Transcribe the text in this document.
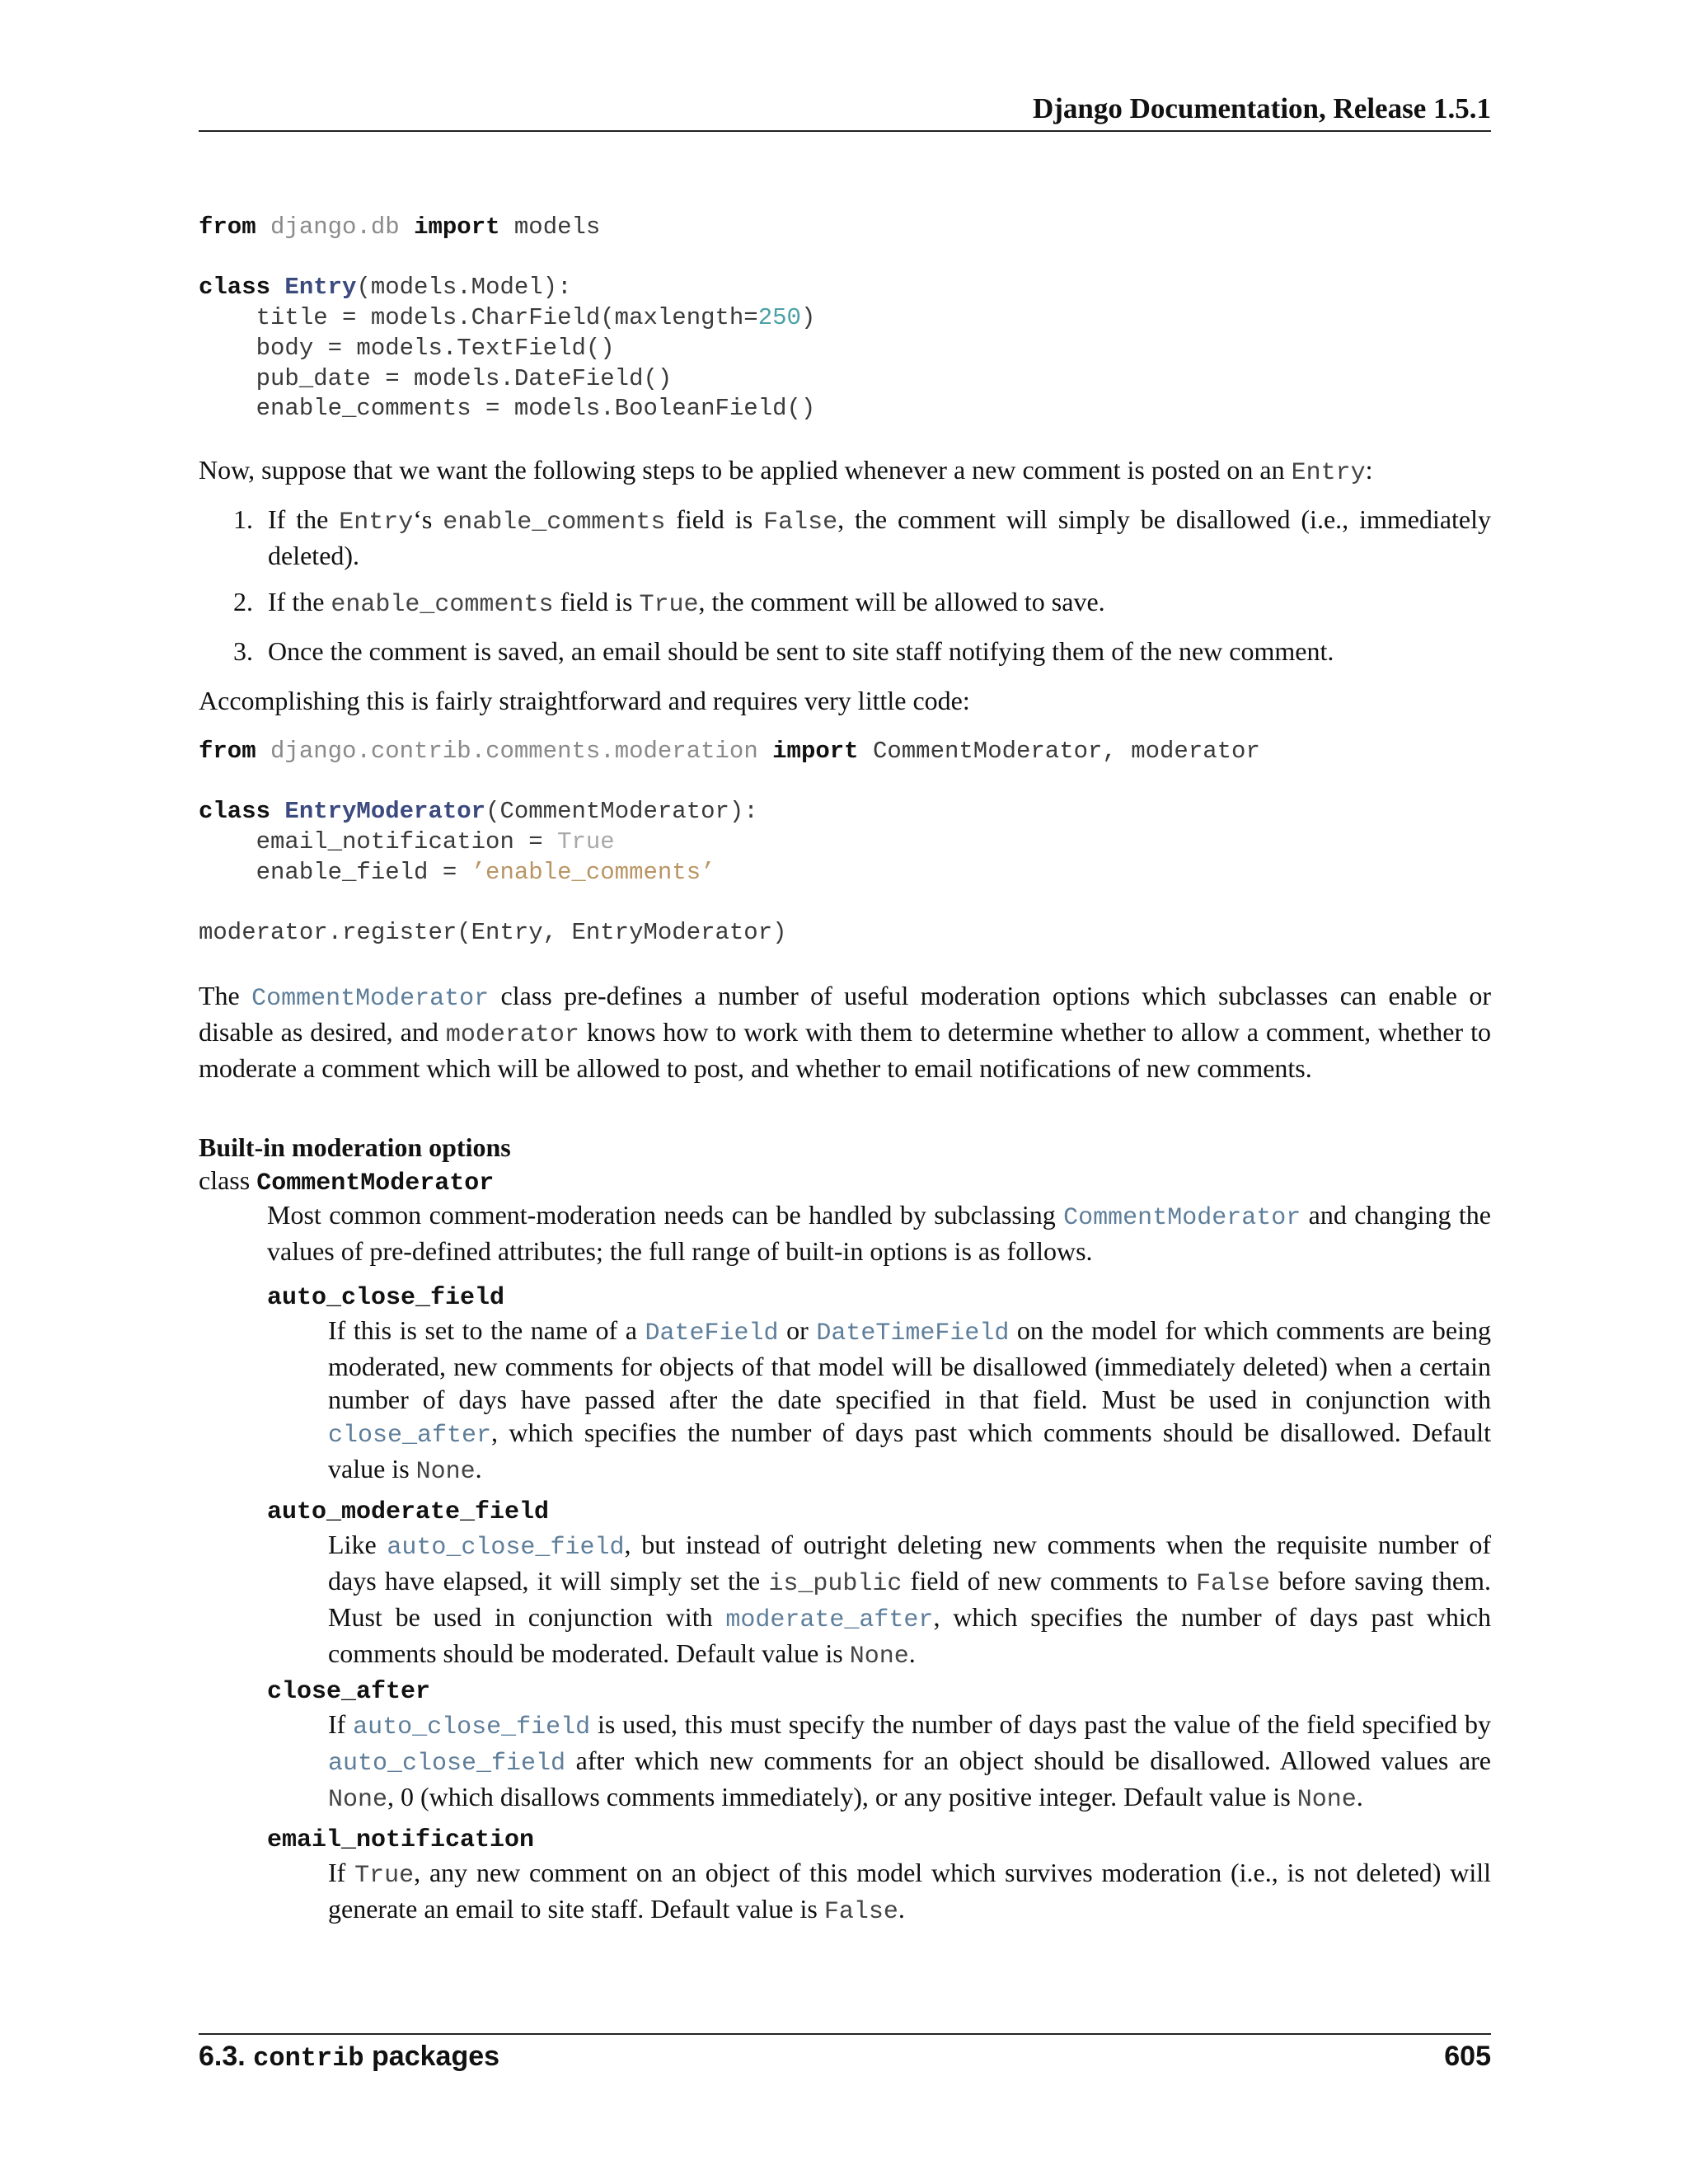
Django Documentation, Release 1.5.1
from django.db import models

class Entry(models.Model):
title = models.CharField(maxlength=250)
body = models.TextField()
pub_date = models.DateField()
enable_comments = models.BooleanField()
Now, suppose that we want the following steps to be applied whenever a new comment is posted on an Entry:
1. If the Entry‘s enable_comments field is False, the comment will simply be disallowed (i.e., immediately deleted).
2. If the enable_comments field is True, the comment will be allowed to save.
3. Once the comment is saved, an email should be sent to site staff notifying them of the new comment.
Accomplishing this is fairly straightforward and requires very little code:
from django.contrib.comments.moderation import CommentModerator, moderator

class EntryModerator(CommentModerator):
email_notification = True
enable_field = ’enable_comments’

moderator.register(Entry, EntryModerator)
The CommentModerator class pre-defines a number of useful moderation options which subclasses can enable or disable as desired, and moderator knows how to work with them to determine whether to allow a comment, whether to moderate a comment which will be allowed to post, and whether to email notifications of new comments.
Built-in moderation options
class CommentModerator
Most common comment-moderation needs can be handled by subclassing CommentModerator and changing the values of pre-defined attributes; the full range of built-in options is as follows.
auto_close_field
If this is set to the name of a DateField or DateTimeField on the model for which comments are being moderated, new comments for objects of that model will be disallowed (immediately deleted) when a certain number of days have passed after the date specified in that field. Must be used in conjunction with close_after, which specifies the number of days past which comments should be disallowed. Default value is None.
auto_moderate_field
Like auto_close_field, but instead of outright deleting new comments when the requisite number of days have elapsed, it will simply set the is_public field of new comments to False before saving them. Must be used in conjunction with moderate_after, which specifies the number of days past which comments should be moderated. Default value is None.
close_after
If auto_close_field is used, this must specify the number of days past the value of the field specified by auto_close_field after which new comments for an object should be disallowed. Allowed values are None, 0 (which disallows comments immediately), or any positive integer. Default value is None.
email_notification
If True, any new comment on an object of this model which survives moderation (i.e., is not deleted) will generate an email to site staff. Default value is False.
6.3. contrib packages	605
